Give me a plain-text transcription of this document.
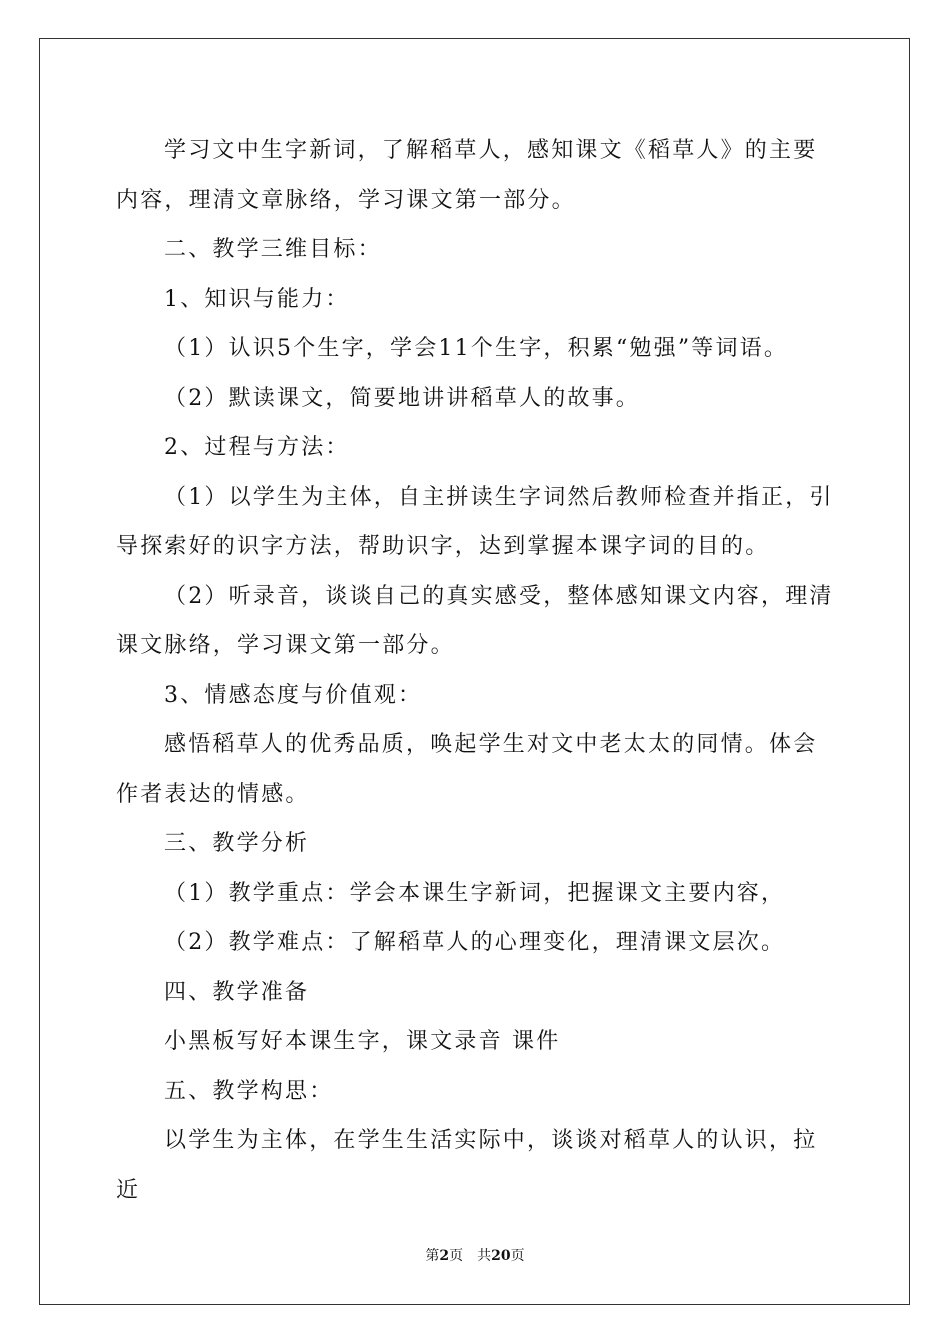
学习文中生字新词，了解稻草人，感知课文《稻草人》的主要内容，理清文章脉络，学习课文第一部分。

二、教学三维目标：

1、知识与能力：

（1）认识5个生字，学会11个生字，积累“勉强”等词语。

（2）默读课文，简要地讲讲稻草人的故事。

2、过程与方法：

（1）以学生为主体，自主拼读生字词然后教师检查并指正，引导探索好的识字方法，帮助识字，达到掌握本课字词的目的。

（2）听录音，谈谈自己的真实感受，整体感知课文内容，理清课文脉络，学习课文第一部分。

3、情感态度与价值观：

感悟稻草人的优秀品质，唤起学生对文中老太太的同情。体会作者表达的情感。

三、教学分析

（1）教学重点：学会本课生字新词，把握课文主要内容，

（2）教学难点：了解稻草人的心理变化，理清课文层次。

四、教学准备

小黑板写好本课生字，课文录音 课件

五、教学构思：

以学生为主体，在学生生活实际中，谈谈对稻草人的认识，拉近

第2页 共20页
